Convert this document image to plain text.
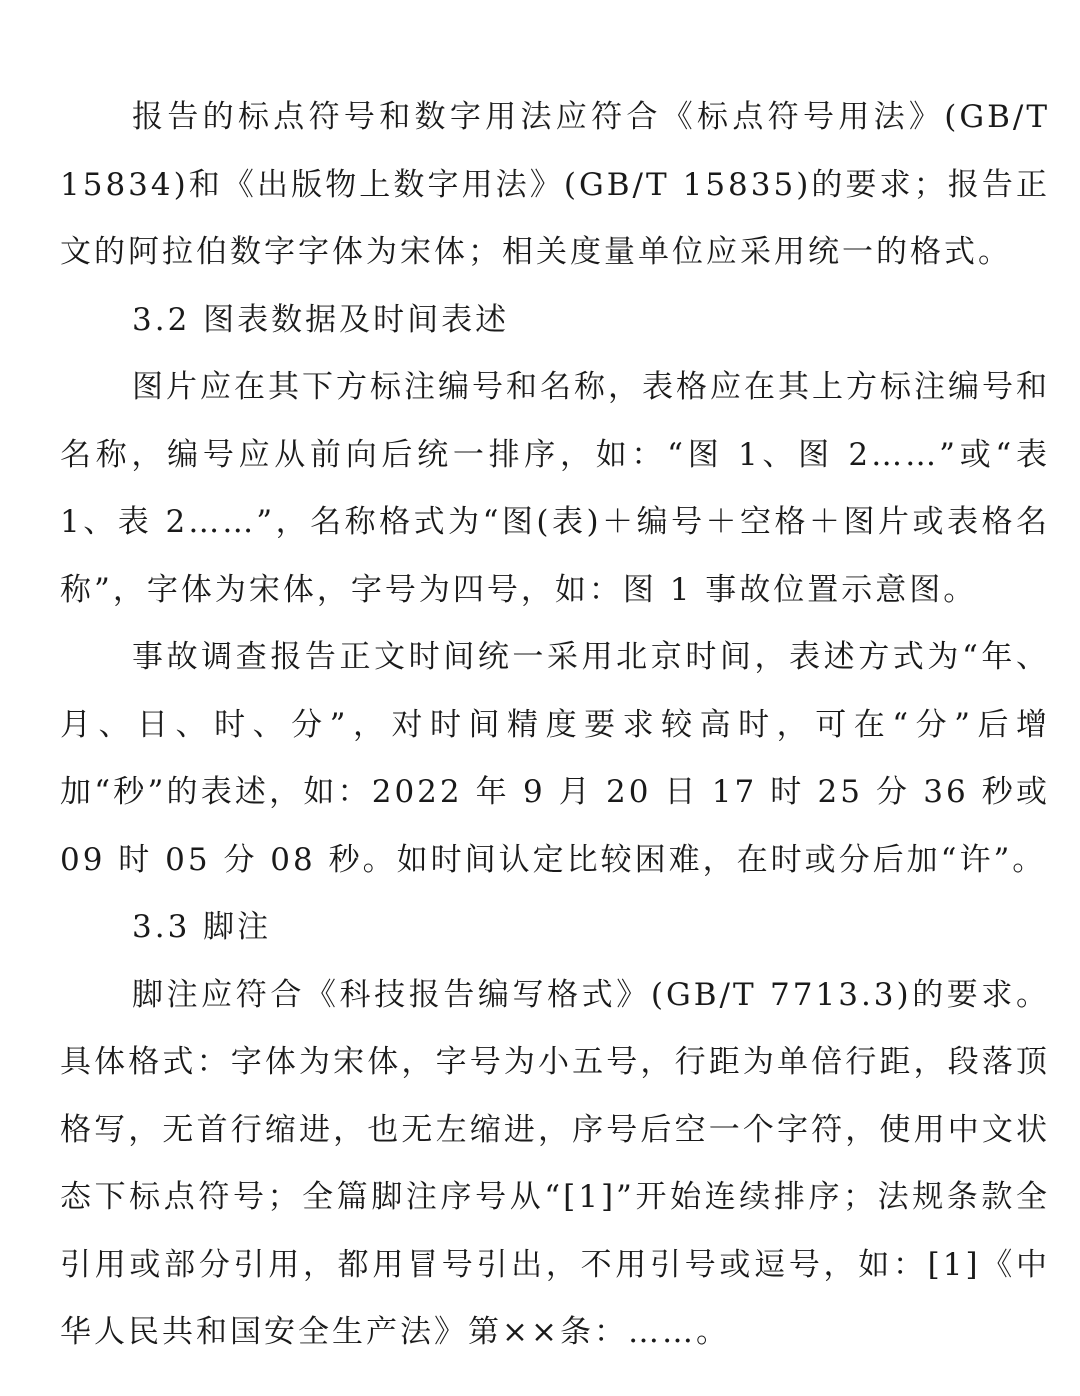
报告的标点符号和数字用法应符合《标点符号用法》(GB/T 15834)和《出版物上数字用法》(GB/T 15835)的要求；报告正文的阿拉伯数字字体为宋体；相关度量单位应采用统一的格式。

3.2 图表数据及时间表述

图片应在其下方标注编号和名称，表格应在其上方标注编号和名称，编号应从前向后统一排序，如：“图 1、图 2……”或“表 1、表 2……”，名称格式为“图(表)＋编号＋空格＋图片或表格名称”，字体为宋体，字号为四号，如：图 1 事故位置示意图。

事故调查报告正文时间统一采用北京时间，表述方式为“年、月、日、时、分”，对时间精度要求较高时，可在“分”后增加“秒”的表述，如：2022 年 9 月 20 日 17 时 25 分 36 秒或 09 时 05 分 08 秒。如时间认定比较困难，在时或分后加“许”。

3.3 脚注

脚注应符合《科技报告编写格式》(GB/T 7713.3)的要求。具体格式：字体为宋体，字号为小五号，行距为单倍行距，段落顶格写，无首行缩进，也无左缩进，序号后空一个字符，使用中文状态下标点符号；全篇脚注序号从“[1]”开始连续排序；法规条款全引用或部分引用，都用冒号引出，不用引号或逗号，如：[1]《中华人民共和国安全生产法》第××条：……。
